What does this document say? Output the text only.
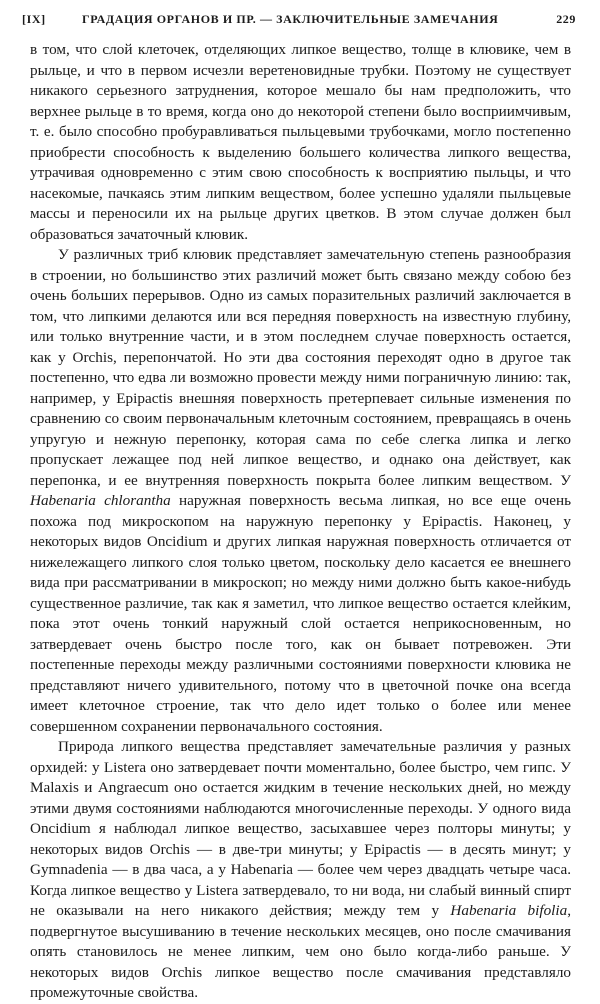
[IX]	ГРАДАЦИЯ ОРГАНОВ И ПР. — ЗАКЛЮЧИТЕЛЬНЫЕ ЗАМЕЧАНИЯ	229

в том, что слой клеточек, отделяющих липкое вещество, толще в клювике, чем в рыльце, и что в первом исчезли веретеновидные трубки. Поэтому не существует никакого серьезного затруднения, которое мешало бы нам предположить, что верхнее рыльце в то время, когда оно до некоторой степени было восприимчивым, т. е. было способно пробуравливаться пыльцевыми трубочками, могло постепенно приобрести способность к выделению большего количества липкого вещества, утрачивая одновременно с этим свою способность к восприятию пыльцы, и что насекомые, пачкаясь этим липким веществом, более успешно удаляли пыльцевые массы и переносили их на рыльце других цветков. В этом случае должен был образоваться зачаточный клювик.

У различных триб клювик представляет замечательную степень разнообразия в строении, но большинство этих различий может быть связано между собою без очень больших перерывов. Одно из самых поразительных различий заключается в том, что липкими делаются или вся передняя поверхность на известную глубину, или только внутренние части, и в этом последнем случае поверхность остается, как у Orchis, перепончатой. Но эти два состояния переходят одно в другое так постепенно, что едва ли возможно провести между ними пограничную линию: так, например, у Epipactis внешняя поверхность претерпевает сильные изменения по сравнению со своим первоначальным клеточным состоянием, превращаясь в очень упругую и нежную перепонку, которая сама по себе слегка липка и легко пропускает лежащее под ней липкое вещество, и однако она действует, как перепонка, и ее внутренняя поверхность покрыта более липким веществом. У Habenaria chlorantha наружная поверхность весьма липкая, но все еще очень похожа под микроскопом на наружную перепонку у Epipactis. Наконец, у некоторых видов Oncidium и других липкая наружная поверхность отличается от нижележащего липкого слоя только цветом, поскольку дело касается ее внешнего вида при рассматривании в микроскоп; но между ними должно быть какое-нибудь существенное различие, так как я заметил, что липкое вещество остается клейким, пока этот очень тонкий наружный слой остается неприкосновенным, но затвердевает очень быстро после того, как он бывает потревожен. Эти постепенные переходы между различными состояниями поверхности клювика не представляют ничего удивительного, потому что в цветочной почке она всегда имеет клеточное строение, так что дело идет только о более или менее совершенном сохранении первоначального состояния.

Природа липкого вещества представляет замечательные различия у разных орхидей: у Listera оно затвердевает почти моментально, более быстро, чем гипс. У Malaxis и Angraecum оно остается жидким в течение нескольких дней, но между этими двумя состояниями наблюдаются многочисленные переходы. У одного вида Oncidium я наблюдал липкое вещество, засыхавшее через полторы минуты; у некоторых видов Orchis — в две-три минуты; у Epipactis — в десять минут; у Gymnadenia — в два часа, а у Habenaria — более чем через двадцать четыре часа. Когда липкое вещество у Listera затвердевало, то ни вода, ни слабый винный спирт не оказывали на него никакого действия; между тем у Habenaria bifolia, подвергнутое высушиванию в течение нескольких месяцев, оно после смачивания опять становилось не менее липким, чем оно было когда-либо раньше. У некоторых видов Orchis липкое вещество после смачивания представляло промежуточные свойства.
